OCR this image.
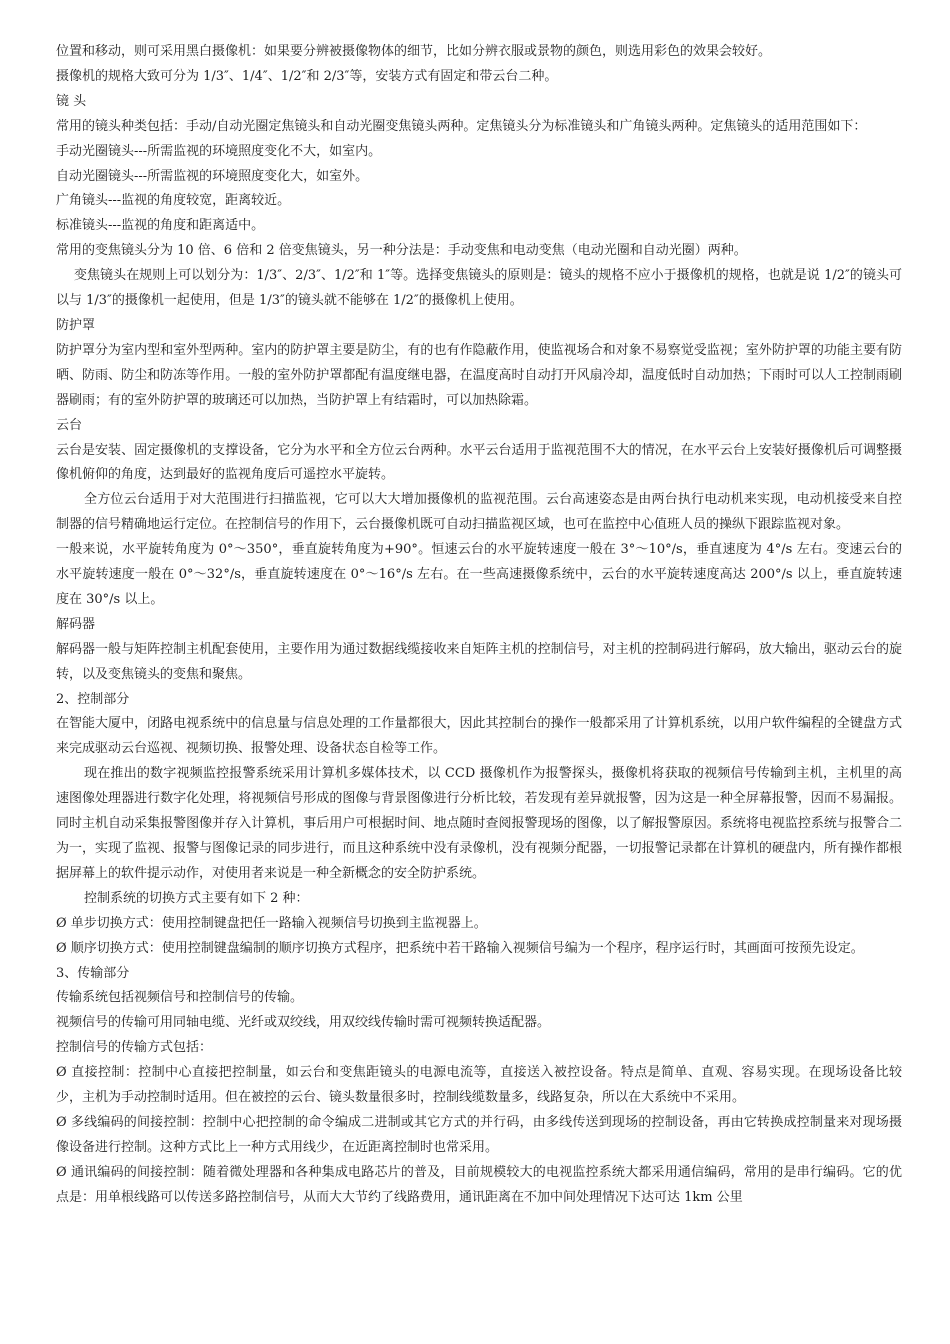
位置和移动，则可采用黑白摄像机：如果要分辨被摄像物体的细节，比如分辨衣服或景物的颜色，则选用彩色的效果会较好。

摄像机的规格大致可分为 1/3″、1/4″、1/2″和 2/3″等，安装方式有固定和带云台二种。

镜 头

常用的镜头种类包括：手动/自动光圈定焦镜头和自动光圈变焦镜头两种。定焦镜头分为标准镜头和广角镜头两种。定焦镜头的适用范围如下：

手动光圈镜头---所需监视的环境照度变化不大，如室内。

自动光圈镜头---所需监视的环境照度变化大，如室外。

广角镜头---监视的角度较宽，距离较近。

标准镜头---监视的角度和距离适中。

常用的变焦镜头分为 10 倍、6 倍和 2 倍变焦镜头，另一种分法是：手动变焦和电动变焦（电动光圈和自动光圈）两种。

变焦镜头在规则上可以划分为：1/3″、2/3″、1/2″和 1″等。选择变焦镜头的原则是：镜头的规格不应小于摄像机的规格，也就是说 1/2″的镜头可以与 1/3″的摄像机一起使用，但是 1/3″的镜头就不能够在 1/2″的摄像机上使用。

防护罩

防护罩分为室内型和室外型两种。室内的防护罩主要是防尘，有的也有作隐蔽作用，使监视场合和对象不易察觉受监视；室外防护罩的功能主要有防晒、防雨、防尘和防冻等作用。一般的室外防护罩都配有温度继电器，在温度高时自动打开风扇冷却，温度低时自动加热；下雨时可以人工控制雨刷器刷雨；有的室外防护罩的玻璃还可以加热，当防护罩上有结霜时，可以加热除霜。

云台

云台是安装、固定摄像机的支撑设备，它分为水平和全方位云台两种。水平云台适用于监视范围不大的情况，在水平云台上安装好摄像机后可调整摄像机俯仰的角度，达到最好的监视角度后可遥控水平旋转。

全方位云台适用于对大范围进行扫描监视，它可以大大增加摄像机的监视范围。云台高速姿态是由两台执行电动机来实现，电动机接受来自控制器的信号精确地运行定位。在控制信号的作用下，云台摄像机既可自动扫描监视区域，也可在监控中心值班人员的操纵下跟踪监视对象。

一般来说，水平旋转角度为 0°～350°，垂直旋转角度为+90°。恒速云台的水平旋转速度一般在 3°～10°/s，垂直速度为 4°/s 左右。变速云台的水平旋转速度一般在 0°～32°/s，垂直旋转速度在 0°～16°/s 左右。在一些高速摄像系统中，云台的水平旋转速度高达 200°/s 以上，垂直旋转速度在 30°/s 以上。

解码器

解码器一般与矩阵控制主机配套使用，主要作用为通过数据线缆接收来自矩阵主机的控制信号，对主机的控制码进行解码，放大输出，驱动云台的旋转，以及变焦镜头的变焦和聚焦。

2、控制部分

在智能大厦中，闭路电视系统中的信息量与信息处理的工作量都很大，因此其控制台的操作一般都采用了计算机系统，以用户软件编程的全键盘方式来完成驱动云台巡视、视频切换、报警处理、设备状态自检等工作。

现在推出的数字视频监控报警系统采用计算机多媒体技术，以 CCD 摄像机作为报警探头，摄像机将获取的视频信号传输到主机，主机里的高速图像处理器进行数字化处理，将视频信号形成的图像与背景图像进行分析比较，若发现有差异就报警，因为这是一种全屏幕报警，因而不易漏报。同时主机自动采集报警图像并存入计算机，事后用户可根据时间、地点随时查阅报警现场的图像，以了解报警原因。系统将电视监控系统与报警合二为一，实现了监视、报警与图像记录的同步进行，而且这种系统中没有录像机，没有视频分配器，一切报警记录都在计算机的硬盘内，所有操作都根据屏幕上的软件提示动作，对使用者来说是一种全新概念的安全防护系统。

控制系统的切换方式主要有如下 2 种：

Ø 单步切换方式：使用控制键盘把任一路输入视频信号切换到主监视器上。

Ø 顺序切换方式：使用控制键盘编制的顺序切换方式程序，把系统中若干路输入视频信号编为一个程序，程序运行时，其画面可按预先设定。

3、传输部分

传输系统包括视频信号和控制信号的传输。

视频信号的传输可用同轴电缆、光纤或双绞线，用双绞线传输时需可视频转换适配器。

控制信号的传输方式包括：

Ø 直接控制：控制中心直接把控制量，如云台和变焦距镜头的电源电流等，直接送入被控设备。特点是简单、直观、容易实现。在现场设备比较少，主机为手动控制时适用。但在被控的云台、镜头数量很多时，控制线缆数量多，线路复杂，所以在大系统中不采用。

Ø 多线编码的间接控制：控制中心把控制的命令编成二进制或其它方式的并行码，由多线传送到现场的控制设备，再由它转换成控制量来对现场摄像设备进行控制。这种方式比上一种方式用线少，在近距离控制时也常采用。

Ø 通讯编码的间接控制：随着微处理器和各种集成电路芯片的普及，目前规模较大的电视监控系统大都采用通信编码，常用的是串行编码。它的优点是：用单根线路可以传送多路控制信号，从而大大节约了线路费用，通讯距离在不加中间处理情况下达可达 1km 公里
